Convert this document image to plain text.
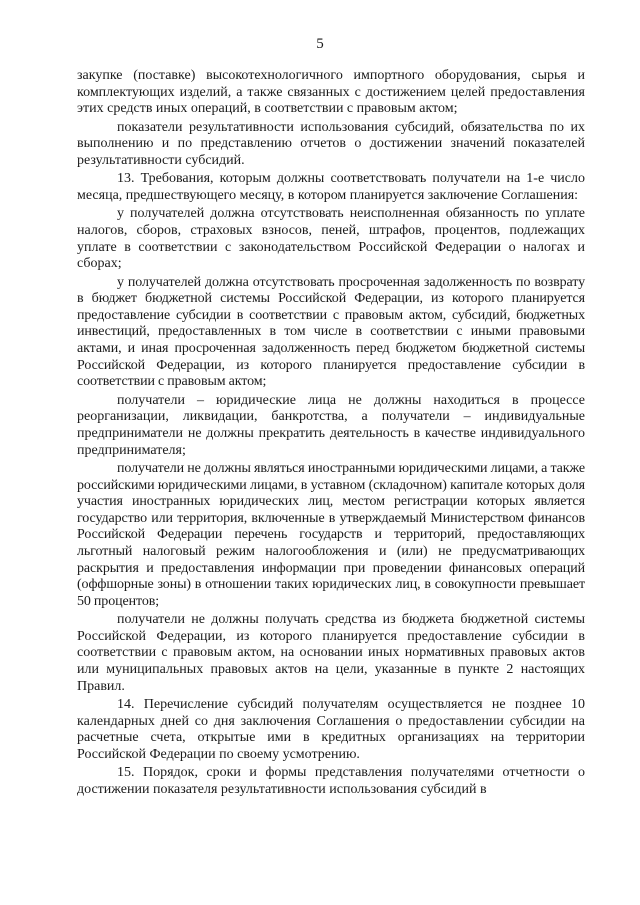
5

закупке (поставке) высокотехнологичного импортного оборудования, сырья и комплектующих изделий, а также связанных с достижением целей предоставления этих средств иных операций, в соответствии с правовым актом;

показатели результативности использования субсидий, обязательства по их выполнению и по представлению отчетов о достижении значений показателей результативности субсидий.

13. Требования, которым должны соответствовать получатели на 1-е число месяца, предшествующего месяцу, в котором планируется заключение Соглашения:

у получателей должна отсутствовать неисполненная обязанность по уплате налогов, сборов, страховых взносов, пеней, штрафов, процентов, подлежащих уплате в соответствии с законодательством Российской Федерации о налогах и сборах;

у получателей должна отсутствовать просроченная задолженность по возврату в бюджет бюджетной системы Российской Федерации, из которого планируется предоставление субсидии в соответствии с правовым актом, субсидий, бюджетных инвестиций, предоставленных в том числе в соответствии с иными правовыми актами, и иная просроченная задолженность перед бюджетом бюджетной системы Российской Федерации, из которого планируется предоставление субсидии в соответствии с правовым актом;

получатели – юридические лица не должны находиться в процессе реорганизации, ликвидации, банкротства, а получатели – индивидуальные предприниматели не должны прекратить деятельность в качестве индивидуального предпринимателя;

получатели не должны являться иностранными юридическими лицами, а также российскими юридическими лицами, в уставном (складочном) капитале которых доля участия иностранных юридических лиц, местом регистрации которых является государство или территория, включенные в утверждаемый Министерством финансов Российской Федерации перечень государств и территорий, предоставляющих льготный налоговый режим налогообложения и (или) не предусматривающих раскрытия и предоставления информации при проведении финансовых операций (оффшорные зоны) в отношении таких юридических лиц, в совокупности превышает 50 процентов;

получатели не должны получать средства из бюджета бюджетной системы Российской Федерации, из которого планируется предоставление субсидии в соответствии с правовым актом, на основании иных нормативных правовых актов или муниципальных правовых актов на цели, указанные в пункте 2 настоящих Правил.

14. Перечисление субсидий получателям осуществляется не позднее 10 календарных дней со дня заключения Соглашения о предоставлении субсидии на расчетные счета, открытые ими в кредитных организациях на территории Российской Федерации по своему усмотрению.

15. Порядок, сроки и формы представления получателями отчетности о достижении показателя результативности использования субсидий в
